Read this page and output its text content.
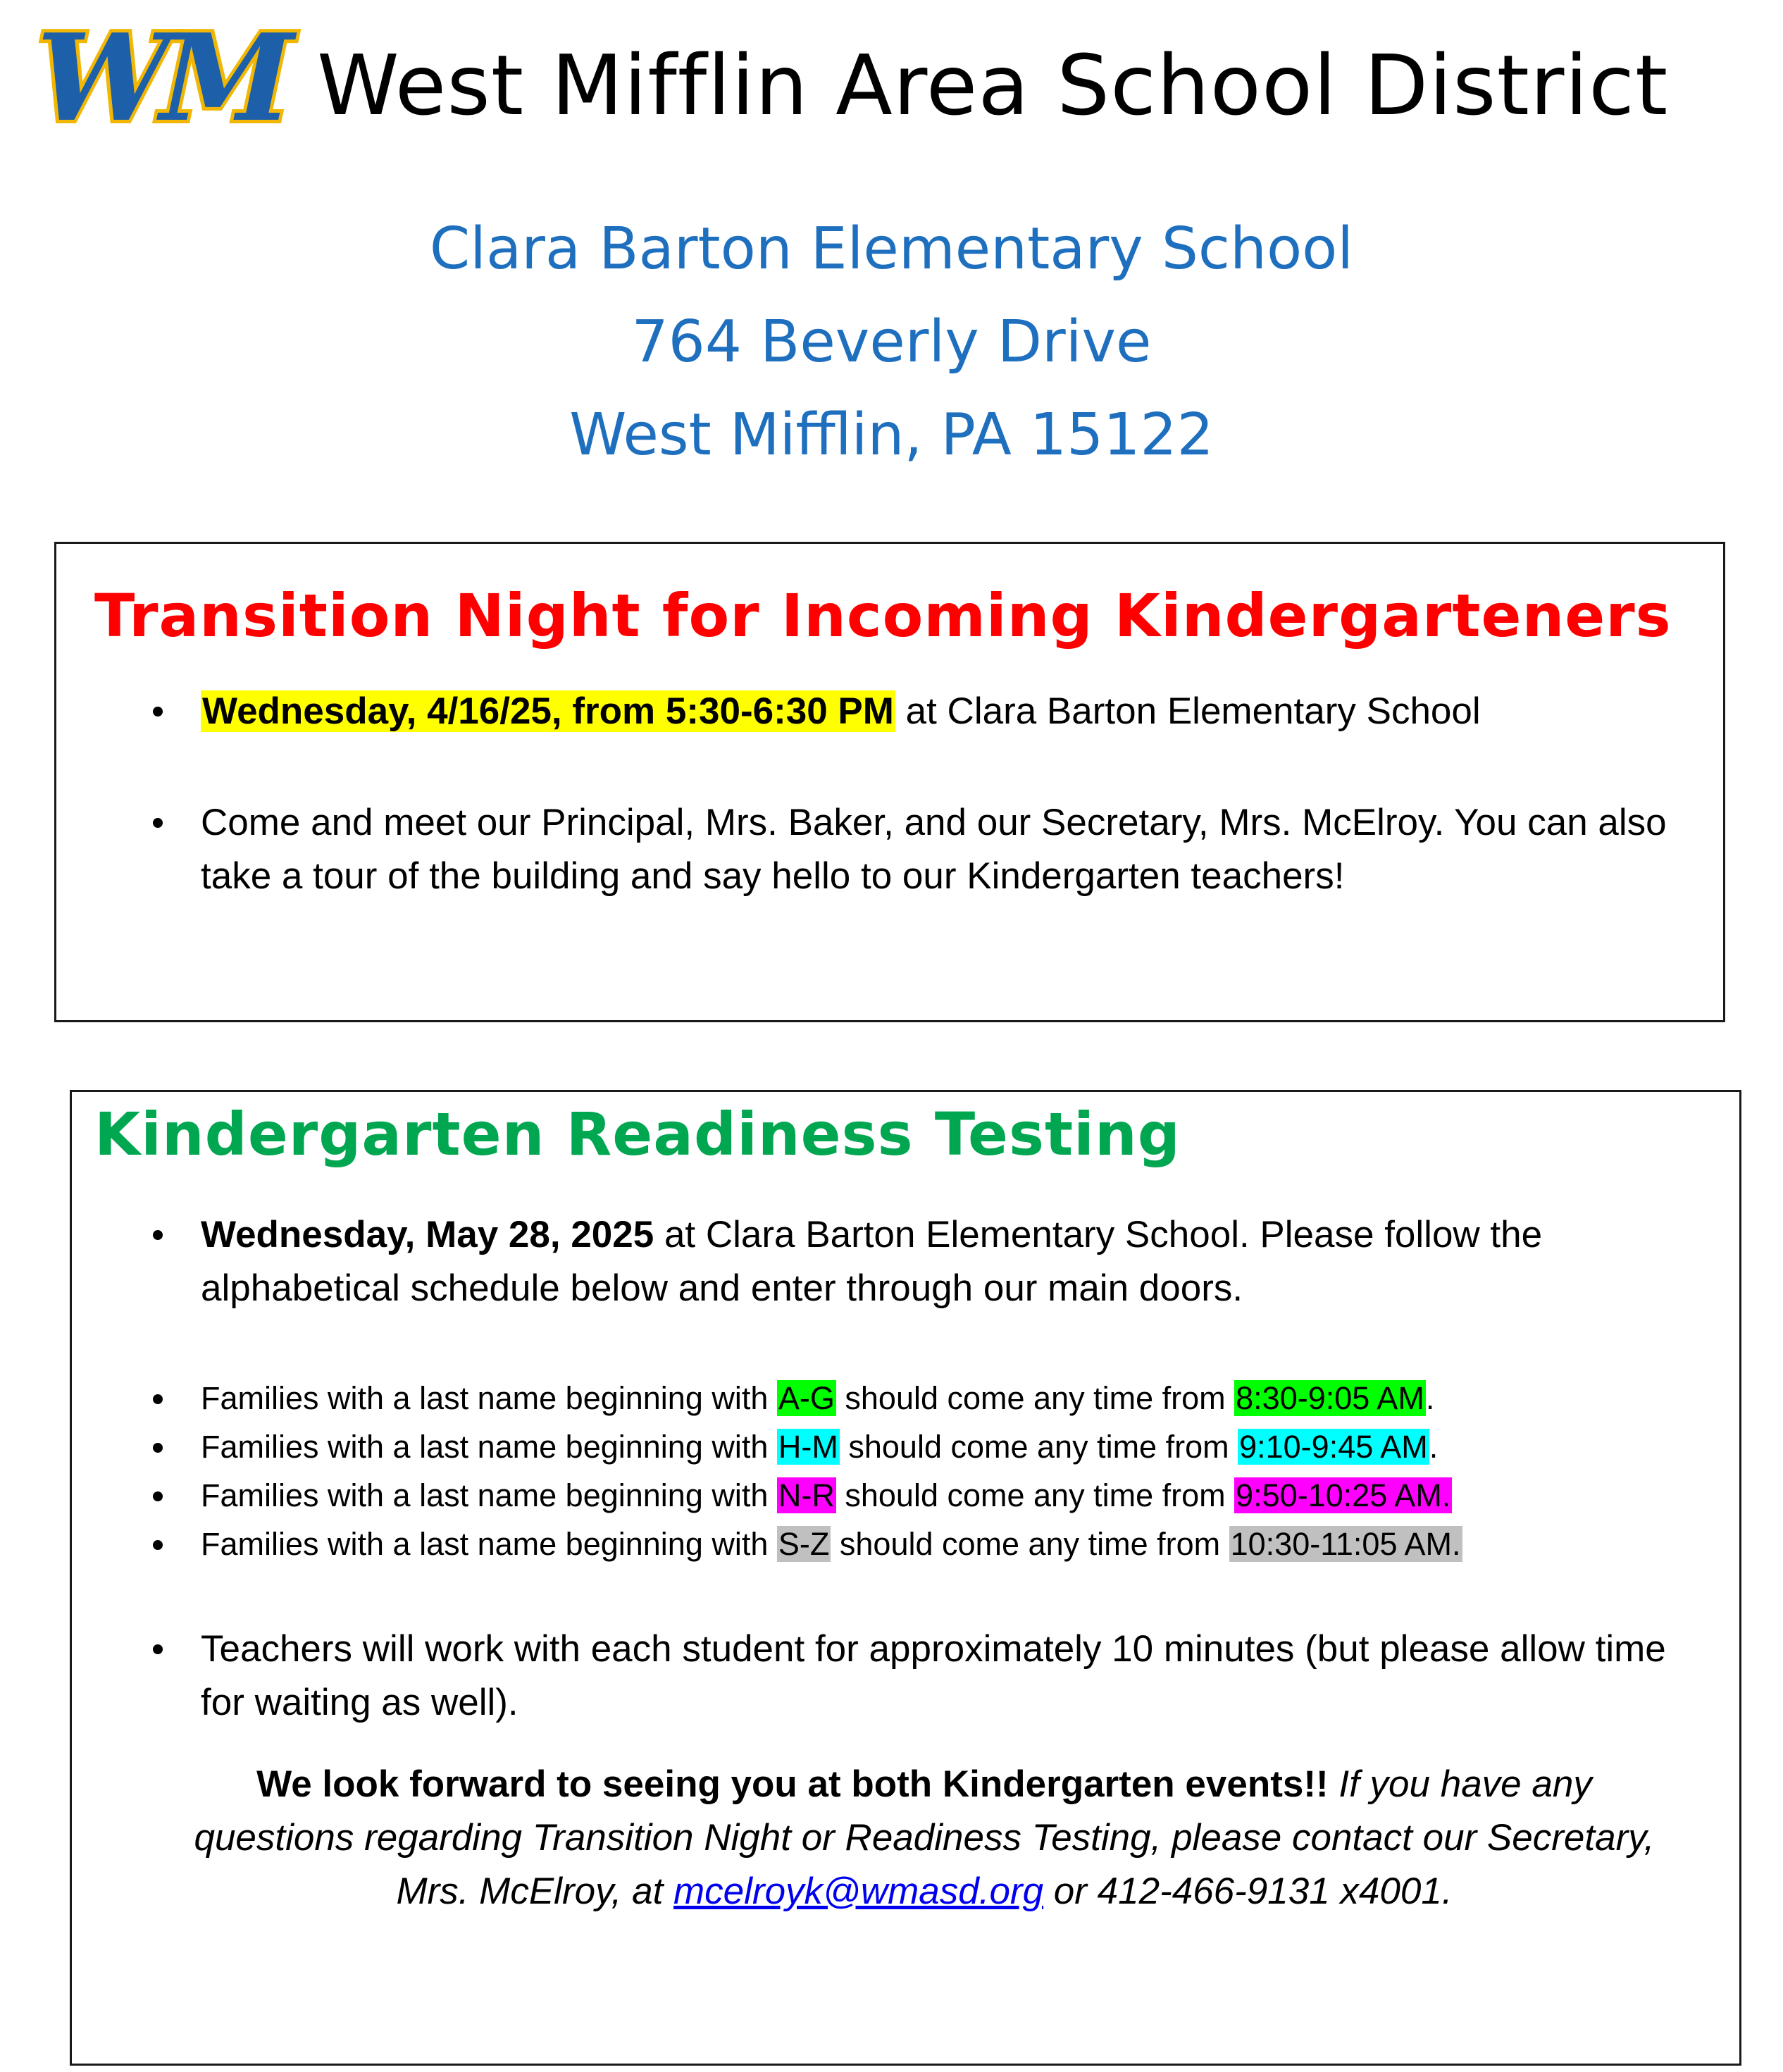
WM West Mifflin Area School District
Clara Barton Elementary School
764 Beverly Drive
West Mifflin, PA 15122
Transition Night for Incoming Kindergarteners
Wednesday, 4/16/25, from 5:30-6:30 PM at Clara Barton Elementary School
Come and meet our Principal, Mrs. Baker, and our Secretary, Mrs. McElroy. You can also take a tour of the building and say hello to our Kindergarten teachers!
Kindergarten Readiness Testing
Wednesday, May 28, 2025 at Clara Barton Elementary School. Please follow the alphabetical schedule below and enter through our main doors.
Families with a last name beginning with A-G should come any time from 8:30-9:05 AM.
Families with a last name beginning with H-M should come any time from 9:10-9:45 AM.
Families with a last name beginning with N-R should come any time from 9:50-10:25 AM.
Families with a last name beginning with S-Z should come any time from 10:30-11:05 AM.
Teachers will work with each student for approximately 10 minutes (but please allow time for waiting as well).
We look forward to seeing you at both Kindergarten events!! If you have any questions regarding Transition Night or Readiness Testing, please contact our Secretary, Mrs. McElroy, at mcelroyk@wmasd.org or 412-466-9131 x4001.
